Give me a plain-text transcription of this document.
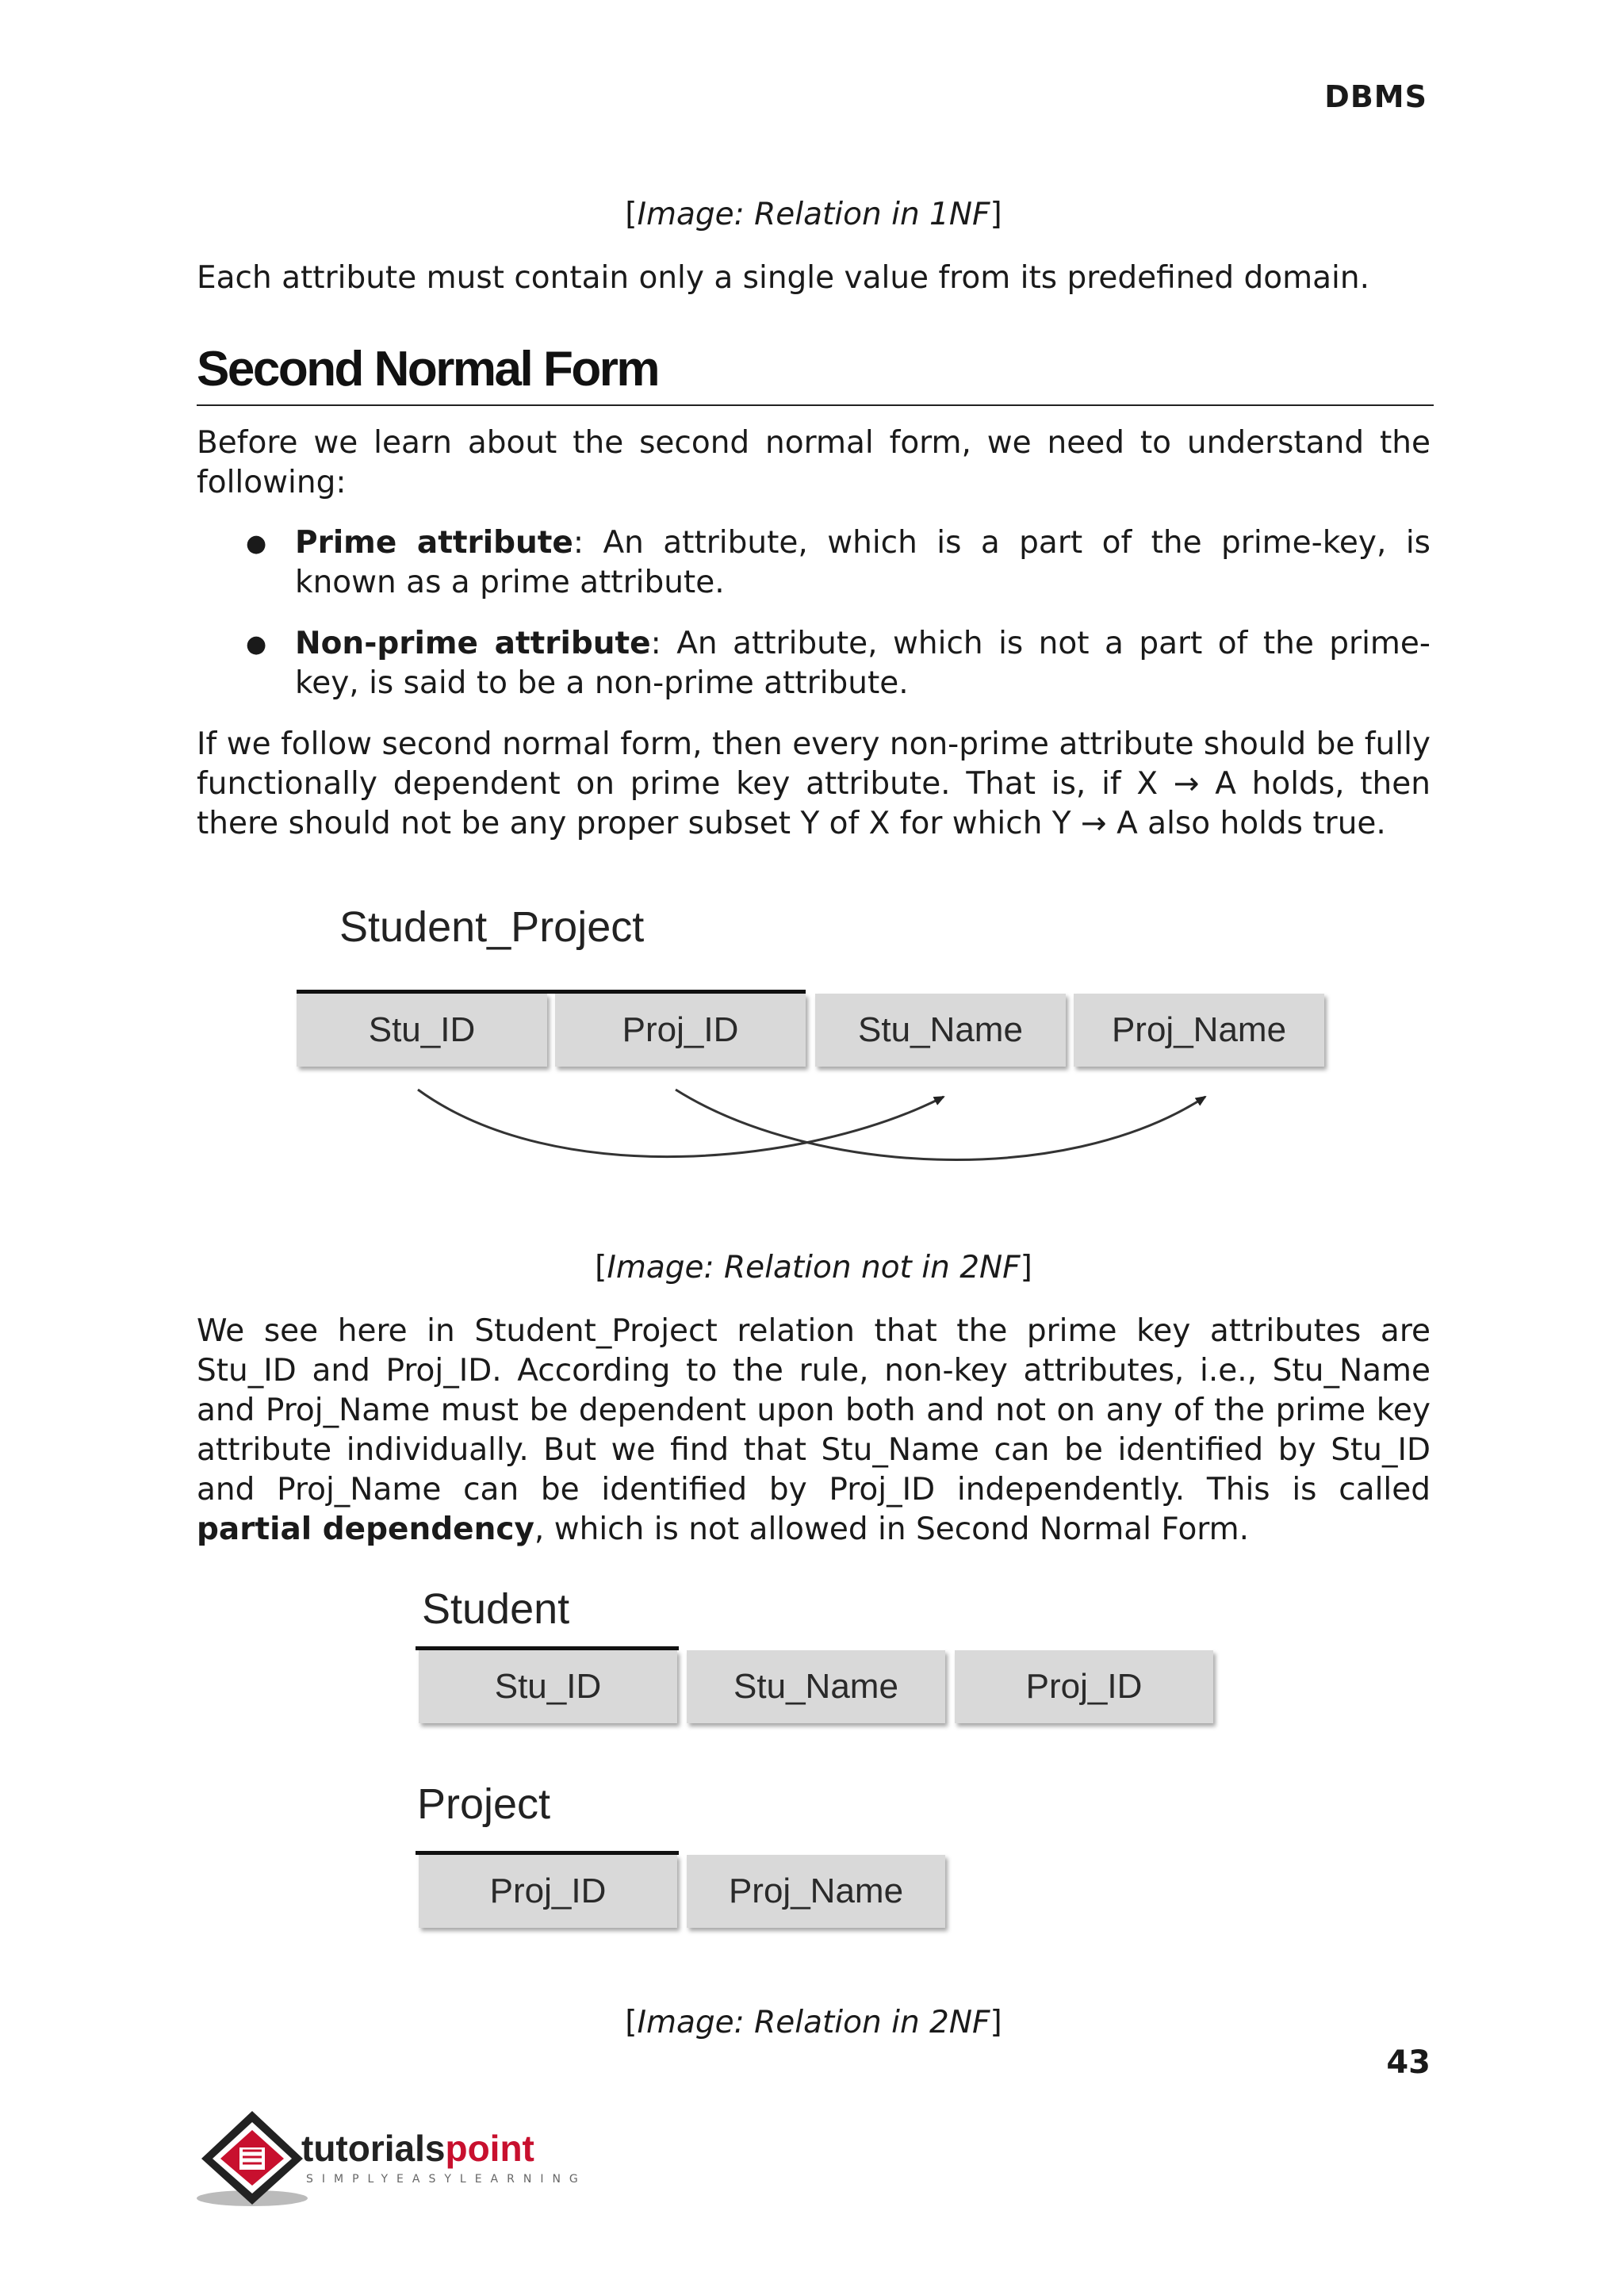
DBMS
[Image: Relation in 1NF]
Each attribute must contain only a single value from its predefined domain.
Second Normal Form
Before we learn about the second normal form, we need to understand the following:
● Prime attribute: An attribute, which is a part of the prime-key, is known as a prime attribute.
● Non-prime attribute: An attribute, which is not a part of the prime-key, is said to be a non-prime attribute.
If we follow second normal form, then every non-prime attribute should be fully functionally dependent on prime key attribute. That is, if X → A holds, then there should not be any proper subset Y of X for which Y → A also holds true.
Student_Project
Stu_ID	Proj_ID	Stu_Name	Proj_Name
[Image: Relation not in 2NF]
We see here in Student_Project relation that the prime key attributes are Stu_ID and Proj_ID. According to the rule, non-key attributes, i.e., Stu_Name and Proj_Name must be dependent upon both and not on any of the prime key attribute individually. But we find that Stu_Name can be identified by Stu_ID and Proj_Name can be identified by Proj_ID independently. This is called partial dependency, which is not allowed in Second Normal Form.
Student
Stu_ID	Stu_Name	Proj_ID
Project
Proj_ID	Proj_Name
[Image: Relation in 2NF]
43
tutorialspoint
SIMPLYEASYLEARNING
